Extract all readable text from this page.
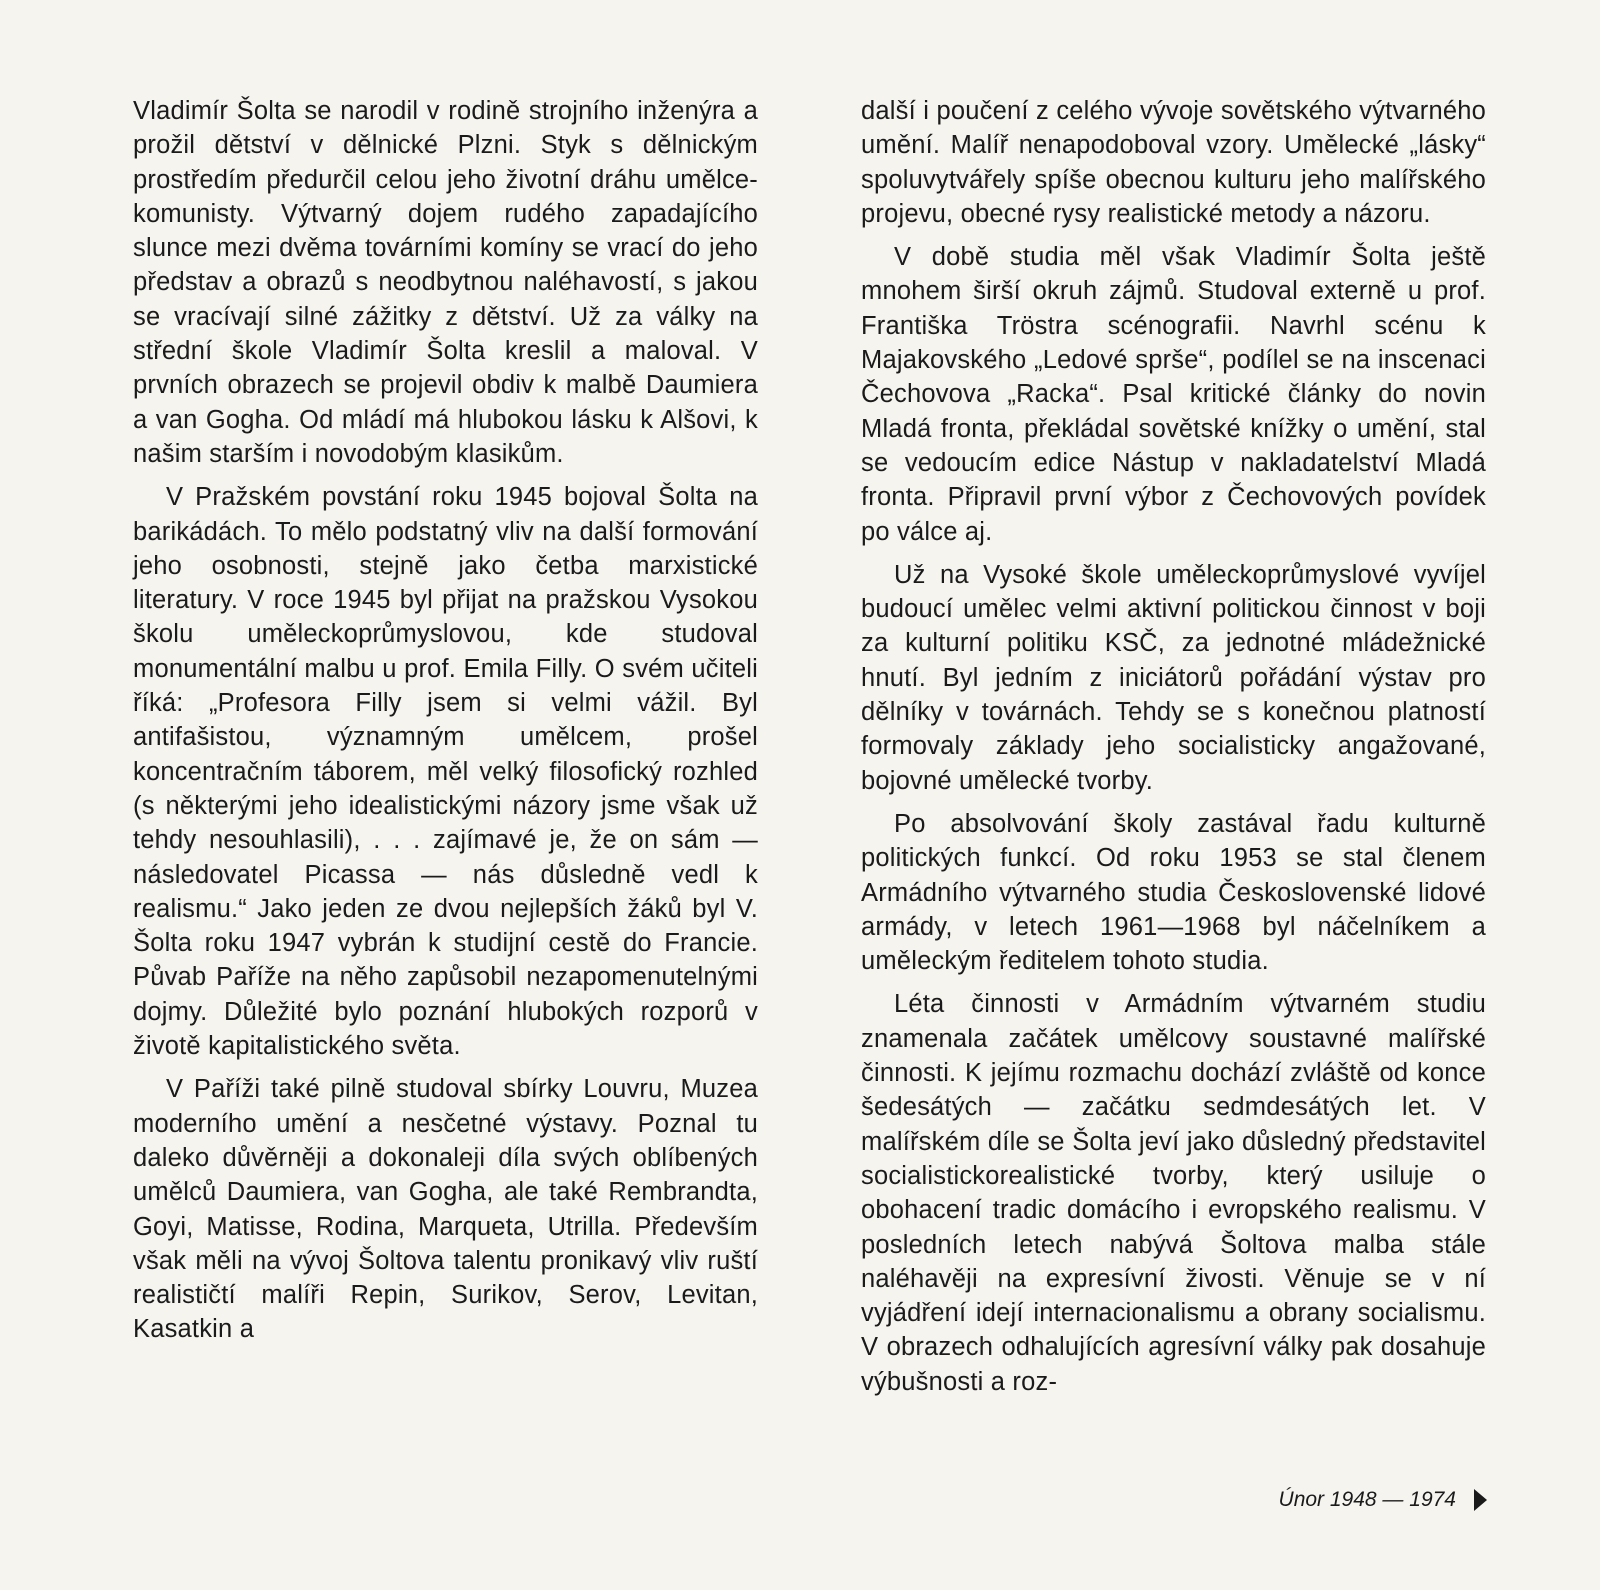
Vladimír Šolta se narodil v rodině strojního inženýra a prožil dětství v dělnické Plzni. Styk s dělnickým prostředím předurčil celou jeho životní dráhu umělce-komunisty. Výtvarný dojem rudého zapadajícího slunce mezi dvěma továrními komíny se vrací do jeho představ a obrazů s neodbytnou naléhavostí, s jakou se vracívají silné zážitky z dětství. Už za války na střední škole Vladimír Šolta kreslil a maloval. V prvních obrazech se projevil obdiv k malbě Daumiera a van Gogha. Od mládí má hlubokou lásku k Alšovi, k našim starším i novodobým klasikům.

V Pražském povstání roku 1945 bojoval Šolta na barikádách. To mělo podstatný vliv na další formování jeho osobnosti, stejně jako četba marxistické literatury. V roce 1945 byl přijat na pražskou Vysokou školu uměleckoprůmyslovou, kde studoval monumentální malbu u prof. Emila Filly. O svém učiteli říká: „Profesora Filly jsem si velmi vážil. Byl antifašistou, významným umělcem, prošel koncentračním táborem, měl velký filosofický rozhled (s některými jeho idealistickými názory jsme však už tehdy nesouhlasili), . . . zajímavé je, že on sám — následovatel Picassa — nás důsledně vedl k realismu.“ Jako jeden ze dvou nejlepších žáků byl V. Šolta roku 1947 vybrán k studijní cestě do Francie. Půvab Paříže na něho zapůsobil nezapomenutelnými dojmy. Důležité bylo poznání hlubokých rozporů v životě kapitalistického světa.

V Paříži také pilně studoval sbírky Louvru, Muzea moderního umění a nesčetné výstavy. Poznal tu daleko důvěrněji a dokonaleji díla svých oblíbených umělců Daumiera, van Gogha, ale také Rembrandta, Goyi, Matisse, Rodina, Marqueta, Utrilla. Především však měli na vývoj Šoltova talentu pronikavý vliv ruští realističtí malíři Repin, Surikov, Serov, Levitan, Kasatkin a

další i poučení z celého vývoje sovětského výtvarného umění. Malíř nenapodoboval vzory. Umělecké „lásky“ spoluvytvářely spíše obecnou kulturu jeho malířského projevu, obecné rysy realistické metody a názoru.

V době studia měl však Vladimír Šolta ještě mnohem širší okruh zájmů. Studoval externě u prof. Františka Tröstra scénografii. Navrhl scénu k Majakovského „Ledové sprše“, podílel se na inscenaci Čechovova „Racka“. Psal kritické články do novin Mladá fronta, překládal sovětské knížky o umění, stal se vedoucím edice Nástup v nakladatelství Mladá fronta. Připravil první výbor z Čechovových povídek po válce aj.

Už na Vysoké škole uměleckoprůmyslové vyvíjel budoucí umělec velmi aktivní politickou činnost v boji za kulturní politiku KSČ, za jednotné mládežnické hnutí. Byl jedním z iniciátorů pořádání výstav pro dělníky v továrnách. Tehdy se s konečnou platností formovaly základy jeho socialisticky angažované, bojovné umělecké tvorby.

Po absolvování školy zastával řadu kulturně politických funkcí. Od roku 1953 se stal členem Armádního výtvarného studia Československé lidové armády, v letech 1961—1968 byl náčelníkem a uměleckým ředitelem tohoto studia.

Léta činnosti v Armádním výtvarném studiu znamenala začátek umělcovy soustavné malířské činnosti. K jejímu rozmachu dochází zvláště od konce šedesátých — začátku sedmdesátých let. V malířském díle se Šolta jeví jako důsledný představitel socialistickorealistické tvorby, který usiluje o obohacení tradic domácího i evropského realismu. V posledních letech nabývá Šoltova malba stále naléhavěji na expresívní živosti. Věnuje se v ní vyjádření idejí internacionalismu a obrany socialismu. V obrazech odhalujících agresívní války pak dosahuje výbušnosti a roz-

Únor 1948 — 1974
